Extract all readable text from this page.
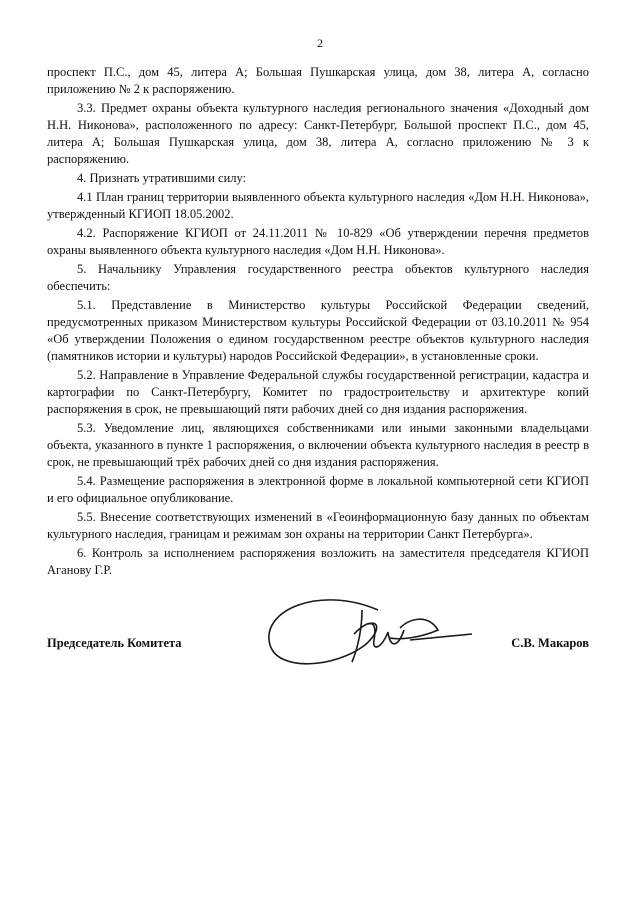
2

проспект П.С., дом 45, литера А; Большая Пушкарская улица, дом 38, литера А, согласно приложению № 2 к распоряжению.

3.3. Предмет охраны объекта культурного наследия регионального значения «Доходный дом Н.Н. Никонова», расположенного по адресу: Санкт-Петербург, Большой проспект П.С., дом 45, литера А; Большая Пушкарская улица, дом 38, литера А, согласно приложению № 3 к распоряжению.

4. Признать утратившими силу:

4.1 План границ территории выявленного объекта культурного наследия «Дом Н.Н. Никонова», утвержденный КГИОП 18.05.2002.

4.2. Распоряжение КГИОП от 24.11.2011 № 10-829 «Об утверждении перечня предметов охраны выявленного объекта культурного наследия «Дом Н.Н. Никонова».

5. Начальнику Управления государственного реестра объектов культурного наследия обеспечить:

5.1. Представление в Министерство культуры Российской Федерации сведений, предусмотренных приказом Министерством культуры Российской Федерации от 03.10.2011 № 954 «Об утверждении Положения о едином государственном реестре объектов культурного наследия (памятников истории и культуры) народов Российской Федерации», в установленные сроки.

5.2. Направление в Управление Федеральной службы государственной регистрации, кадастра и картографии по Санкт-Петербургу, Комитет по градостроительству и архитектуре копий распоряжения в срок, не превышающий пяти рабочих дней со дня издания распоряжения.

5.3. Уведомление лиц, являющихся собственниками или иными законными владельцами объекта, указанного в пункте 1 распоряжения, о включении объекта культурного наследия в реестр в срок, не превышающий трёх рабочих дней со дня издания распоряжения.

5.4. Размещение распоряжения в электронной форме в локальной компьютерной сети КГИОП и его официальное опубликование.

5.5. Внесение соответствующих изменений в «Геоинформационную базу данных по объектам культурного наследия, границам и режимам зон охраны на территории Санкт Петербурга».

6. Контроль за исполнением распоряжения возложить на заместителя председателя КГИОП Аганову Г.Р.

Председатель Комитета	С.В. Макаров
